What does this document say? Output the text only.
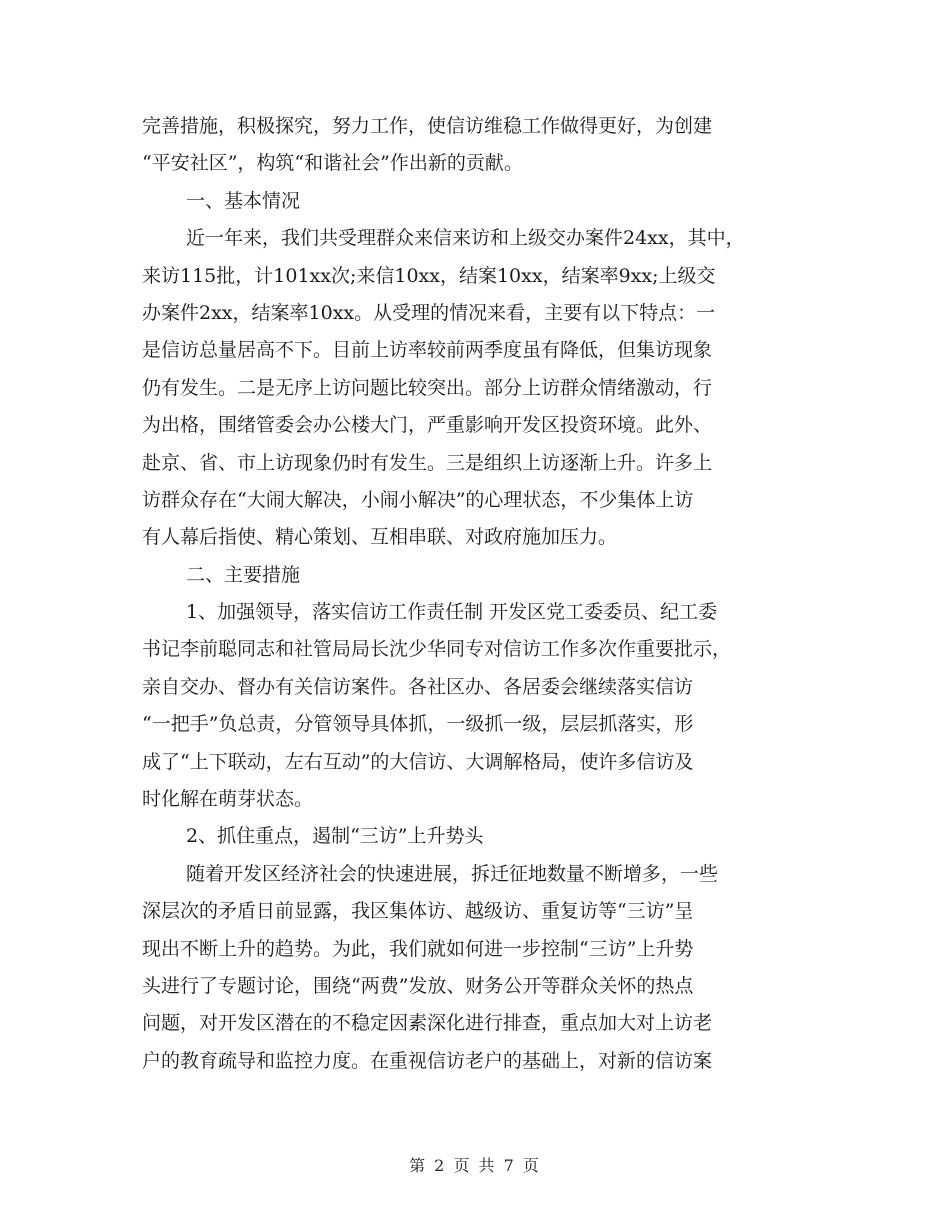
完善措施，积极探究，努力工作，使信访维稳工作做得更好，为创建
“平安社区”，构筑“和谐社会”作出新的贡献。
一、基本情况
近一年来，我们共受理群众来信来访和上级交办案件24xx，其中，
来访115批，计101xx次;来信10xx，结案10xx，结案率9xx;上级交
办案件2xx，结案率10xx。从受理的情况来看，主要有以下特点：一
是信访总量居高不下。目前上访率较前两季度虽有降低，但集访现象
仍有发生。二是无序上访问题比较突出。部分上访群众情绪激动，行
为出格，围绪管委会办公楼大门，严重影响开发区投资环境。此外、
赴京、省、市上访现象仍时有发生。三是组织上访逐渐上升。许多上
访群众存在“大闹大解决，小闹小解决”的心理状态，不少集体上访
有人幕后指使、精心策划、互相串联、对政府施加压力。
二、主要措施
1、加强领导，落实信访工作责任制 开发区党工委委员、纪工委
书记李前聪同志和社管局局长沈少华同专对信访工作多次作重要批示，
亲自交办、督办有关信访案件。各社区办、各居委会继续落实信访
“一把手”负总责，分管领导具体抓，一级抓一级，层层抓落实，形
成了“上下联动，左右互动”的大信访、大调解格局，使许多信访及
时化解在萌芽状态。
2、抓住重点，遏制“三访”上升势头
随着开发区经济社会的快速进展，拆迁征地数量不断增多，一些
深层次的矛盾日前显露，我区集体访、越级访、重复访等“三访”呈
现出不断上升的趋势。为此，我们就如何进一步控制“三访”上升势
头进行了专题讨论，围绕“两费”发放、财务公开等群众关怀的热点
问题，对开发区潜在的不稳定因素深化进行排查，重点加大对上访老
户的教育疏导和监控力度。在重视信访老户的基础上，对新的信访案
第 2 页 共 7 页
